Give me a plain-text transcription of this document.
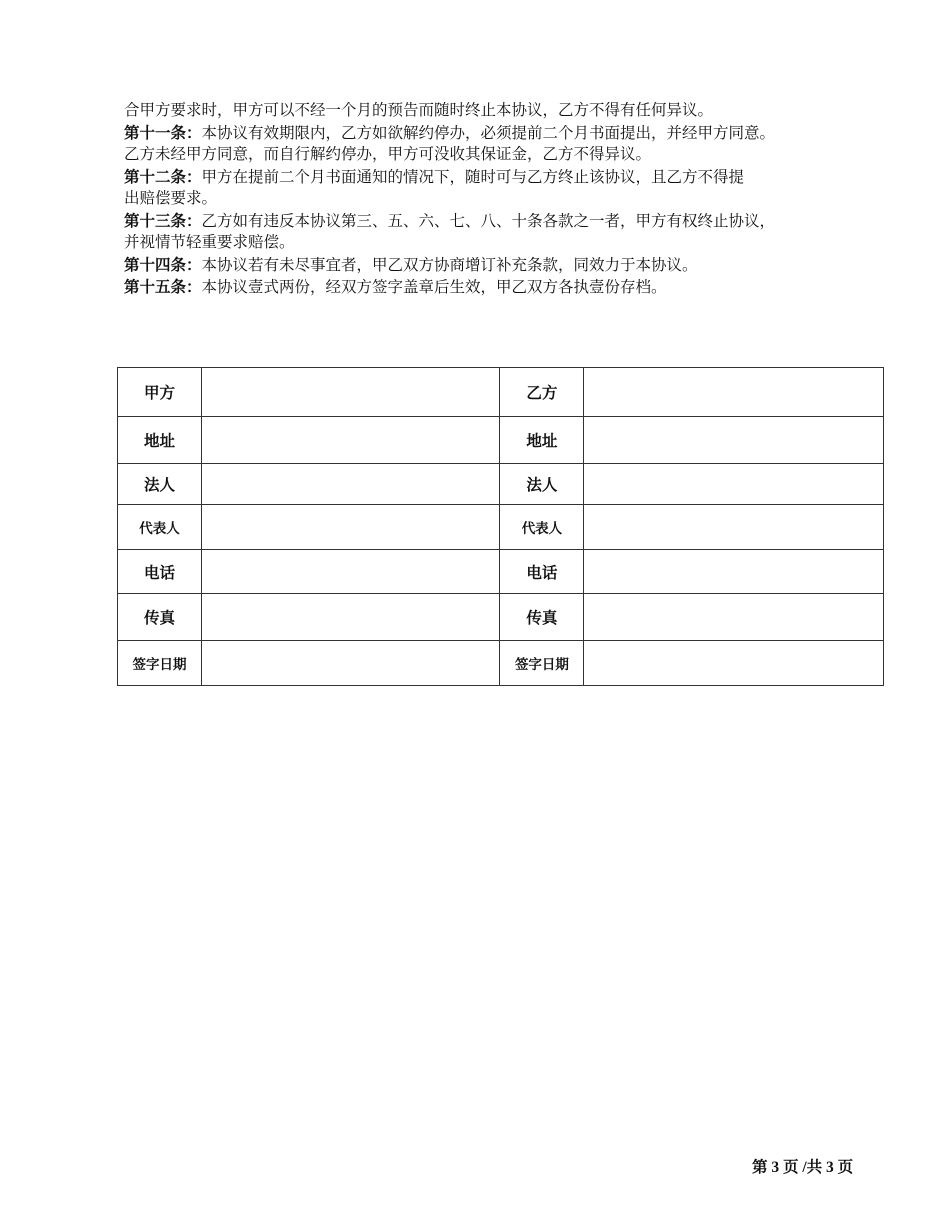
合甲方要求时，甲方可以不经一个月的预告而随时终止本协议，乙方不得有任何异议。

第十一条：本协议有效期限内，乙方如欲解约停办，必须提前二个月书面提出，并经甲方同意。
乙方未经甲方同意，而自行解约停办，甲方可没收其保证金，乙方不得异议。

第十二条：甲方在提前二个月书面通知的情况下，随时可与乙方终止该协议，且乙方不得提
出赔偿要求。

第十三条：乙方如有违反本协议第三、五、六、七、八、十条各款之一者，甲方有权终止协议，
并视情节轻重要求赔偿。

第十四条：本协议若有未尽事宜者，甲乙双方协商增订补充条款，同效力于本协议。

第十五条：本协议壹式两份，经双方签字盖章后生效，甲乙双方各执壹份存档。

甲方		乙方	
地址		地址	
法人		法人	
代表人		代表人	
电话		电话	
传真		传真	
签字日期		签字日期	
第 3 页 /共 3 页
